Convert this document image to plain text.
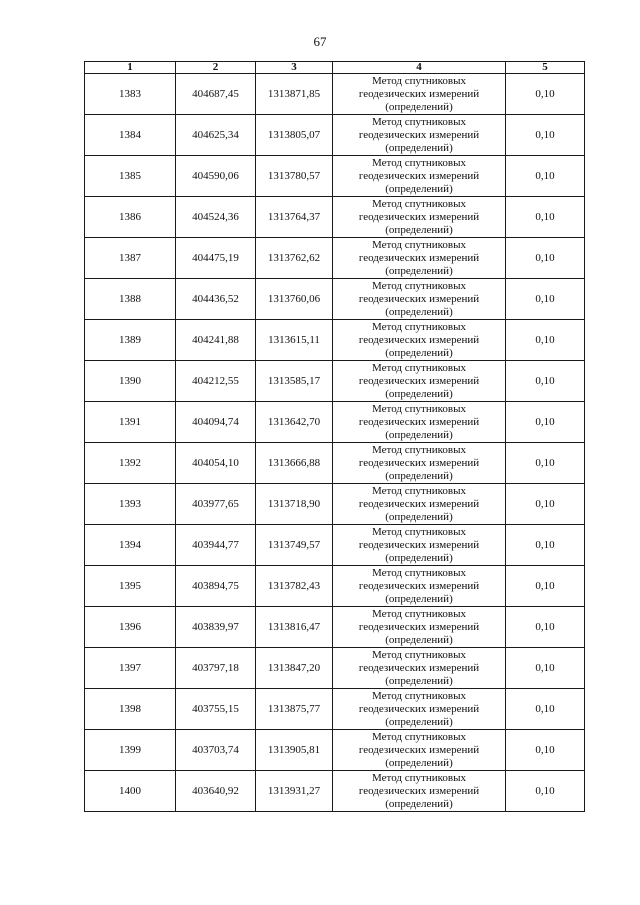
67
1	2	3	4	5
1383	404687,45	1313871,85	Метод спутниковых
геодезических измерений
(определений)	0,10
1384	404625,34	1313805,07	Метод спутниковых
геодезических измерений
(определений)	0,10
1385	404590,06	1313780,57	Метод спутниковых
геодезических измерений
(определений)	0,10
1386	404524,36	1313764,37	Метод спутниковых
геодезических измерений
(определений)	0,10
1387	404475,19	1313762,62	Метод спутниковых
геодезических измерений
(определений)	0,10
1388	404436,52	1313760,06	Метод спутниковых
геодезических измерений
(определений)	0,10
1389	404241,88	1313615,11	Метод спутниковых
геодезических измерений
(определений)	0,10
1390	404212,55	1313585,17	Метод спутниковых
геодезических измерений
(определений)	0,10
1391	404094,74	1313642,70	Метод спутниковых
геодезических измерений
(определений)	0,10
1392	404054,10	1313666,88	Метод спутниковых
геодезических измерений
(определений)	0,10
1393	403977,65	1313718,90	Метод спутниковых
геодезических измерений
(определений)	0,10
1394	403944,77	1313749,57	Метод спутниковых
геодезических измерений
(определений)	0,10
1395	403894,75	1313782,43	Метод спутниковых
геодезических измерений
(определений)	0,10
1396	403839,97	1313816,47	Метод спутниковых
геодезических измерений
(определений)	0,10
1397	403797,18	1313847,20	Метод спутниковых
геодезических измерений
(определений)	0,10
1398	403755,15	1313875,77	Метод спутниковых
геодезических измерений
(определений)	0,10
1399	403703,74	1313905,81	Метод спутниковых
геодезических измерений
(определений)	0,10
1400	403640,92	1313931,27	Метод спутниковых
геодезических измерений
(определений)	0,10
